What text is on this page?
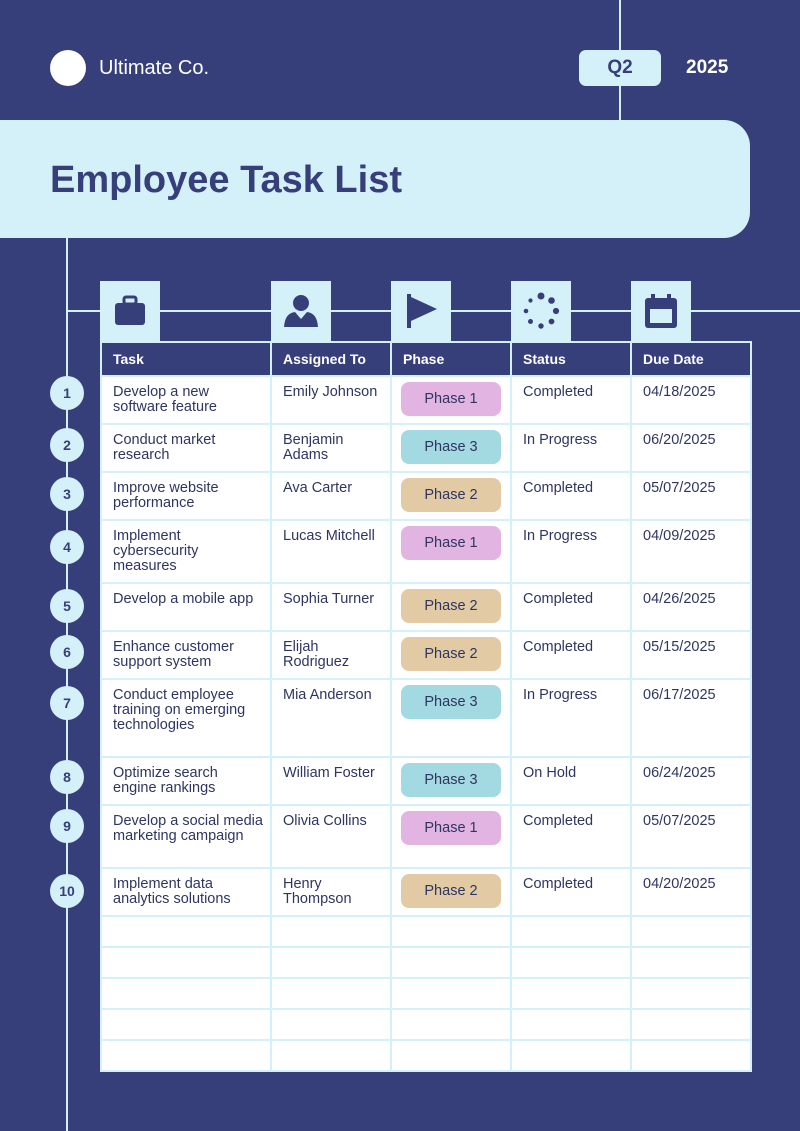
Ultimate Co.	Q2	2025
Employee Task List
1
2
3
4
5
6
7
8
9
10
Task	Assigned To	Phase	Status	Due Date
Develop a new software feature	Emily Johnson	Phase 1	Completed	04/18/2025
Conduct market research	Benjamin Adams	Phase 3	In Progress	06/20/2025
Improve website performance	Ava Carter	Phase 2	Completed	05/07/2025
Implement cybersecurity measures	Lucas Mitchell	Phase 1	In Progress	04/09/2025
Develop a mobile app	Sophia Turner	Phase 2	Completed	04/26/2025
Enhance customer support system	Elijah Rodriguez	Phase 2	Completed	05/15/2025
Conduct employee training on emerging technologies	Mia Anderson	Phase 3	In Progress	06/17/2025
Optimize search engine rankings	William Foster	Phase 3	On Hold	06/24/2025
Develop a social media marketing campaign	Olivia Collins	Phase 1	Completed	05/07/2025
Implement data analytics solutions	Henry Thompson	Phase 2	Completed	04/20/2025
